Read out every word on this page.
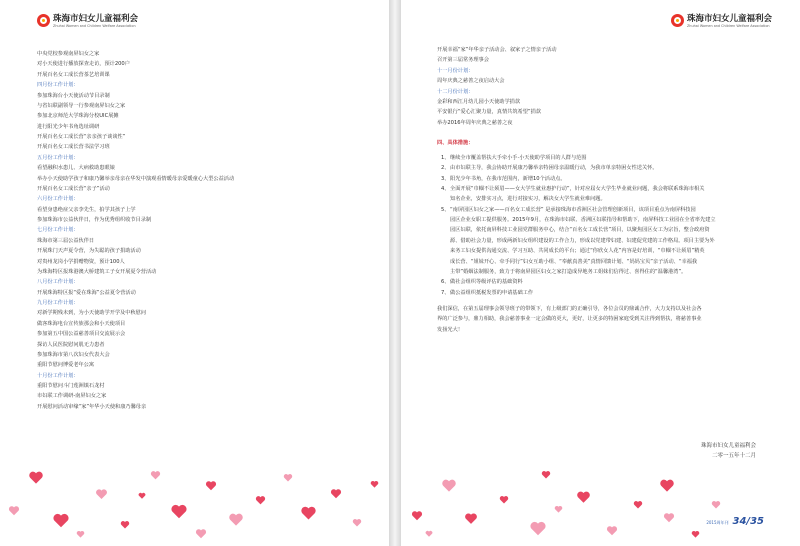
珠海市妇女儿童福利会
Zhuhai Women and Children Welfare Association
中央党校参观南屏妇女之家
对小天使进行播放探查走访，预计200户
开展百名女工成长营茶艺培训课
四月份工作计划：
参加珠海台小天使活动节目录制
与省妇联副领导一行参观南屏妇女之家
参加北京师范大学珠海分校UIC展摊
进行阳光少年书角选址调研
开展百名女工成长营“亲亲孩子谈谈性”
开展百名女工成长营书法学习班
五月份工作计划：
看望融积水患儿、大病救助患眼娘
举办小天使助学孩子和康乃馨举亲母亲在华发中演观看情暖母亲爱暖童心大型公益活动
开展百名女工成长营“亲子”活动
六月份工作计划：
看望身患绝症父亲李先生，拍学其孩子上学
参加珠海市公益伙伴日，作为优秀组织收节目录制
七月份工作计划：
珠海市第三届公益伙伴日
开展珠门天声夏令营，为失聪的孩子捐助活动
对贵州龙岗小学捐赠物资，预计100人
为珠海特区报珠港澳大桥建筑工子女开展夏令营活动
八月份工作计划：
开展珠海特区报“爱在珠海”公益夏令营活动
九月份工作计划：
对新学期残未到，为小天使助学开学及中秋慰问
做客珠海电台宣传族那会和小天使项目
参加第五中国公益慈善项目交流展示会
探访人民医院慰问肌无力患者
参加珠海市第八次妇女代表大会
重阳节慰问博爱老年公寓
十月份工作计划：
重阳节慰问斗门莲洲镇石龙村
市妇联工作调研-南屏妇女之家
开展慰问活动审缘“家”年华小天使和康乃馨母亲
珠海市妇女儿童福利会
Zhuhai Women and Children Welfare Association
开展幸福“家”年华亲子活动会、叙家子之情亲子活动
召开第三届常务理事会
十一月份计划：
周年庆典之慈善之夜启动大会
十二月份计划：
金彩和西江月幼儿园小天使助学捐款
平安银行“爱心汇聚力量，真情共筑希望”捐款
举办2016年周年庆典之慈善之夜
四、具体措施：
1、 继续全市覆盖帮扶大手牵小手·小天使助学项目的人群与范围
2、 由市妇联主导，我会协助开展康乃馨举亲特困母亲温暖行动，为我市单亲特困女性送关怀。
3、 阳光少年书角，在我市范围内，新增10个活动点。
4、 全面开展“巾帼不让须眉——女大学生就业惠护行动”，针对应届女大学生毕业就业问题，我会将联系珠海市相关
知名企业，安排实习点，进行对接实习，解决女大学生就业难问题。
5、 “南屏园区妇女之家——百名女工成长营” 是承接珠海市香洲区社会管理创新项目，该项目重点为南屏科技园
园区企业女职工提供服务。2015年9月，在珠海市妇联、香洲区妇联指导和帮助下，南屏科技工业园在全省率先建立
园区妇联，依托南屏科技工业园党群服务中心，结合“百名女工成长营”项目，以聚焦园区女工为宗旨，整合政府资
源、借助社会力量，形成两新妇女组织建设的工作合力，形成以党建带妇建、妇建促党建的工作格局。项目主要为外
来务工妇女提供沟通交流、学习互助、共同成长的平台；通过“你欣女人花”内容是好培训，“巾帼不让须眉”精英
成长营、“姐妹开心、牵手同行”妇女互助小组、“奉献真善美”真情回馈计划、“妈妈宝贝”亲子活动、“幸福我
主带”婚姻法制服务，致力于将南屏园区妇女之家打造成异地务工姐妹们信得过、喜得住的“温馨港湾”。
6、 做社会组织等级评估的基础资料
7、 做公益组织抵税发票的申请基础工作
我们深信，在第五届理事会领导班子的带领下，有上级部门的正确引导，各位会员的鼎诚合作，大力支持以及社会各
界的广泛参与，鼎力相助，我会慈善事业一定会做的更大，更好，让更多的特困家庭受到关注得到帮扶，将慈善事业
发扬光大！
珠海市妇女儿童福利会
二零一五年十二月
2015周年刊 34/35
